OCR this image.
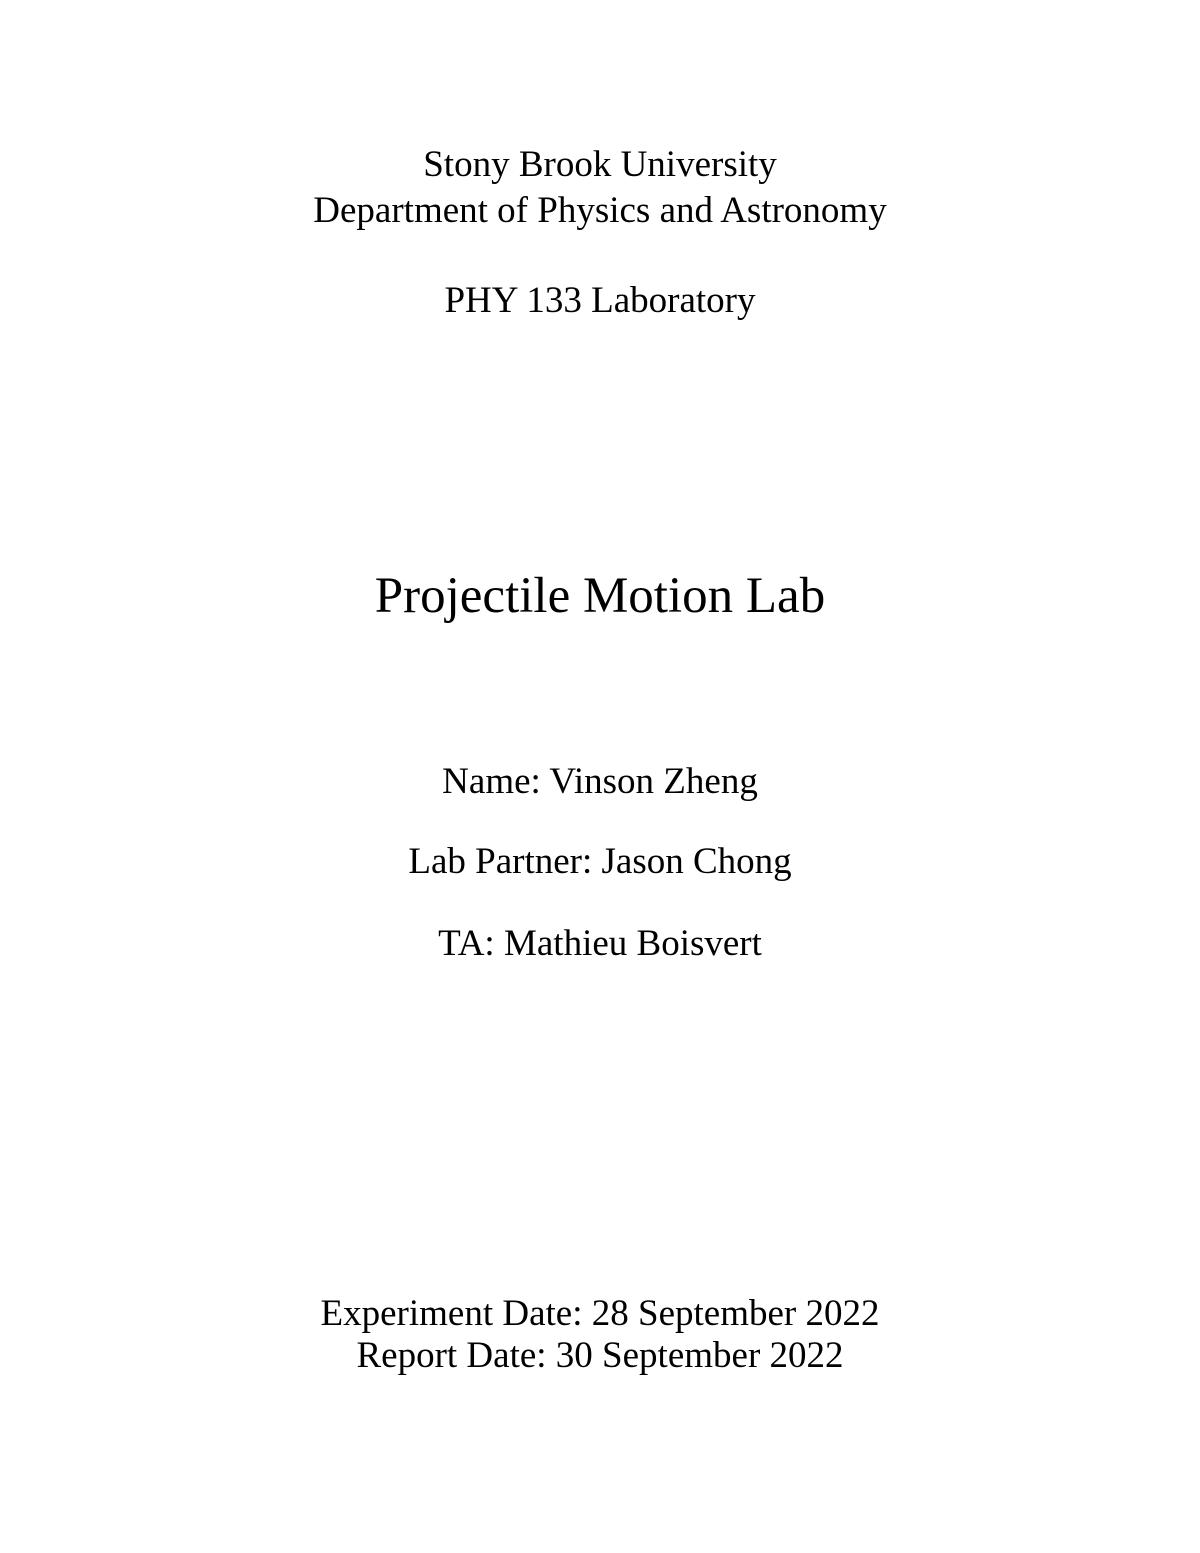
Stony Brook University
Department of Physics and Astronomy
PHY 133 Laboratory
Projectile Motion Lab
Name: Vinson Zheng
Lab Partner: Jason Chong
TA: Mathieu Boisvert
Experiment Date: 28 September 2022
Report Date: 30 September 2022
